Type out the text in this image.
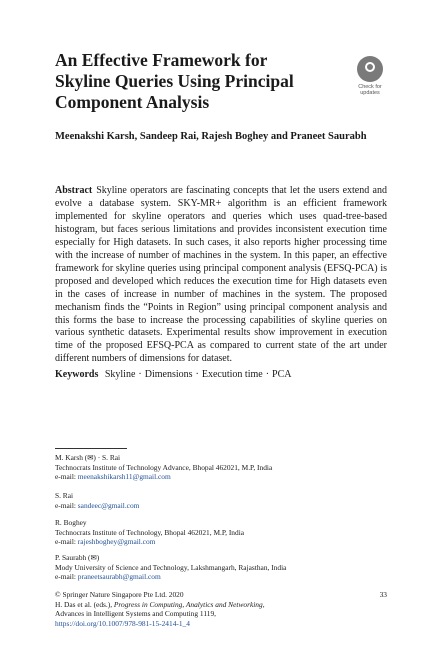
An Effective Framework for Skyline Queries Using Principal Component Analysis
Check for
updates

Meenakshi Karsh, Sandeep Rai, Rajesh Boghey and Praneet Saurabh

Abstract Skyline operators are fascinating concepts that let the users extend and evolve a database system. SKY-MR+ algorithm is an efficient framework implemented for skyline operators and queries which uses quad-tree-based histogram, but faces serious limitations and provides inconsistent execution time especially for High datasets. In such cases, it also reports higher processing time with the increase of number of machines in the system. In this paper, an effective framework for skyline queries using principal component analysis (EFSQ-PCA) is proposed and developed which reduces the execution time for High datasets even in the cases of increase in number of machines in the system. The proposed mechanism finds the “Points in Region” using principal component analysis and this forms the base to increase the processing capabilities of skyline queries on various synthetic datasets. Experimental results show improvement in execution time of the proposed EFSQ-PCA as compared to current state of the art under different numbers of dimensions for dataset.

Keywords Skyline · Dimensions · Execution time · PCA

M. Karsh (✉) · S. Rai
Technocrats Institute of Technology Advance, Bhopal 462021, M.P, India
e-mail: meenakshikarsh11@gmail.com
S. Rai
e-mail: sandeec@gmail.com
R. Boghey
Technocrats Institute of Technology, Bhopal 462021, M.P, India
e-mail: rajeshboghey@gmail.com
P. Saurabh (✉)
Mody University of Science and Technology, Lakshmangarh, Rajasthan, India
e-mail: praneetsaurabh@gmail.com
33
© Springer Nature Singapore Pte Ltd. 2020
H. Das et al. (eds.), Progress in Computing, Analytics and Networking,
Advances in Intelligent Systems and Computing 1119,
https://doi.org/10.1007/978-981-15-2414-1_4
